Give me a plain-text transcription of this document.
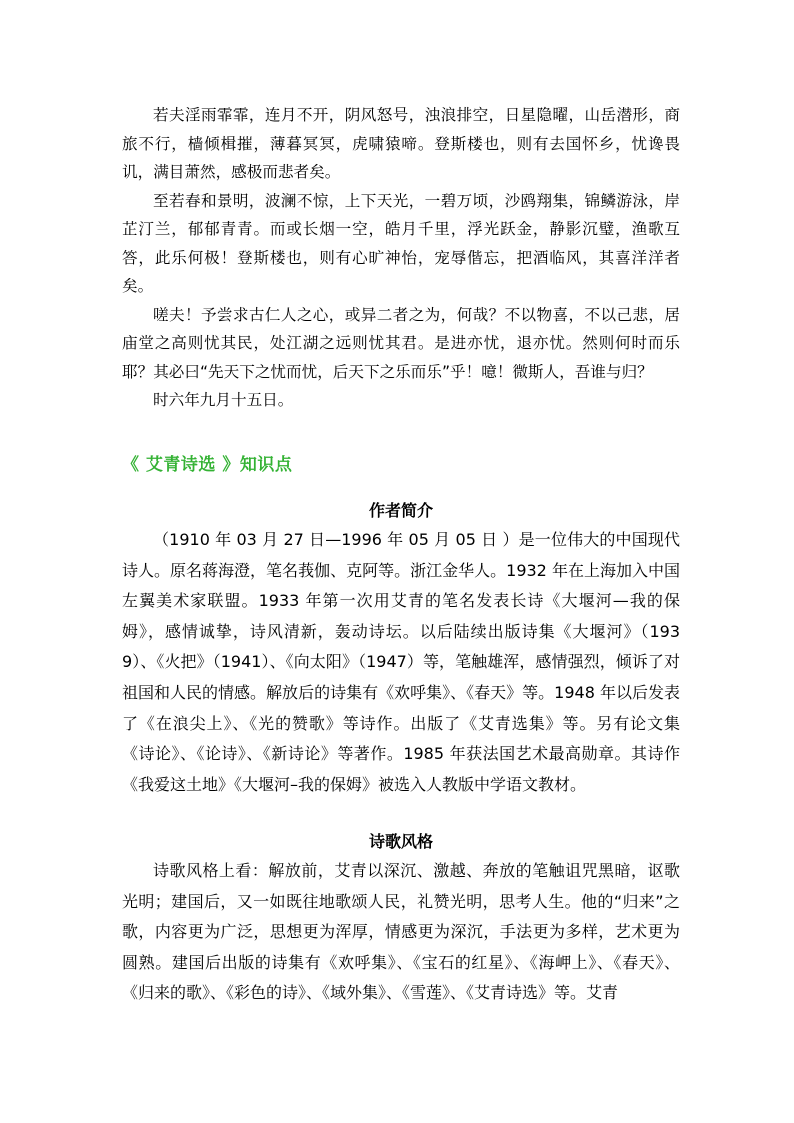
若夫淫雨霏霏，连月不开，阴风怒号，浊浪排空，日星隐曜，山岳潜形，商旅不行，樯倾楫摧，薄暮冥冥，虎啸猿啼。登斯楼也，则有去国怀乡，忧谗畏讥，满目萧然，感极而悲者矣。

至若春和景明，波澜不惊，上下天光，一碧万顷，沙鸥翔集，锦鳞游泳，岸芷汀兰，郁郁青青。而或长烟一空，皓月千里，浮光跃金，静影沉璧，渔歌互答，此乐何极！登斯楼也，则有心旷神怡，宠辱偕忘，把酒临风，其喜洋洋者矣。

嗟夫！予尝求古仁人之心，或异二者之为，何哉？不以物喜，不以己悲，居庙堂之高则忧其民，处江湖之远则忧其君。是进亦忧，退亦忧。然则何时而乐耶？其必曰“先天下之忧而忧，后天下之乐而乐”乎！噫！微斯人，吾谁与归？

时六年九月十五日。

《 艾青诗选 》知识点

作者简介

（1910 年 03 月 27 日—1996 年 05 月 05 日 ）是一位伟大的中国现代诗人。原名蒋海澄，笔名莪伽、克阿等。浙江金华人。1932 年在上海加入中国左翼美术家联盟。1933 年第一次用艾青的笔名发表长诗《大堰河—我的保姆》，感情诚挚，诗风清新，轰动诗坛。以后陆续出版诗集《大堰河》（1939）、《火把》（1941）、《向太阳》（1947）等，笔触雄浑，感情强烈，倾诉了对祖国和人民的情感。解放后的诗集有《欢呼集》、《春天》等。1948 年以后发表了《在浪尖上》、《光的赞歌》等诗作。出版了《艾青选集》等。另有论文集《诗论》、《论诗》、《新诗论》等著作。1985 年获法国艺术最高勋章。其诗作《我爱这土地》《大堰河–我的保姆》被选入人教版中学语文教材。

诗歌风格

诗歌风格上看：解放前，艾青以深沉、激越、奔放的笔触诅咒黑暗，讴歌光明；建国后，又一如既往地歌颂人民，礼赞光明，思考人生。他的“归来”之歌，内容更为广泛，思想更为浑厚，情感更为深沉，手法更为多样，艺术更为圆熟。建国后出版的诗集有《欢呼集》、《宝石的红星》、《海岬上》、《春天》、《归来的歌》、《彩色的诗》、《域外集》、《雪莲》、《艾青诗选》等。艾青
